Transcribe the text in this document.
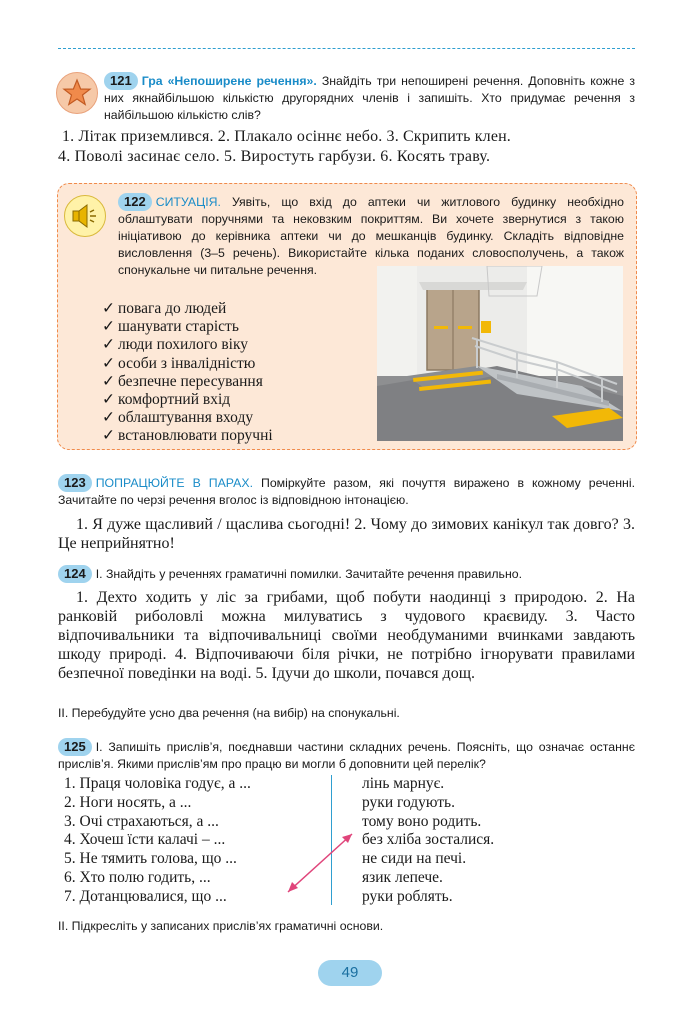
121 Гра «Непоширене речення». Знайдіть три непоширені речення. Доповніть кожне з них якнайбільшою кількістю другорядних членів і запишіть. Хто придумає речення з найбільшою кількістю слів?
1. Літак приземлився. 2. Плакало осіннє небо. 3. Скрипить клен.
4. Поволі засинає село. 5. Виростуть гарбузи. 6. Косять траву.
122 СИТУАЦІЯ. Уявіть, що вхід до аптеки чи житлового будинку необхідно облаштувати поручнями та нековзким покриттям. Ви хочете звернутися з такою ініціативою до керівника аптеки чи до мешканців будинку. Складіть відповідне висловлення (3–5 речень). Використайте кілька поданих словосполучень, а також спонукальне чи питальне речення.
✓ повага до людей
✓ шанувати старість
✓ люди похилого віку
✓ особи з інвалідністю
✓ безпечне пересування
✓ комфортний вхід
✓ облаштування входу
✓ встановлювати поручні
123 ПОПРАЦЮЙТЕ В ПАРАХ. Поміркуйте разом, які почуття виражено в кожному реченні. Зачитайте по черзі речення вголос із відповідною інтонацією.
1. Я дуже щасливий / щаслива сьогодні! 2. Чому до зимових канікул так довго? 3. Це неприйнятно!
124 І. Знайдіть у реченнях граматичні помилки. Зачитайте речення правильно.
1. Дехто ходить у ліс за грибами, щоб побути наодинці з природою. 2. На ранковій риболовлі можна милуватись з чудового краєвиду. 3. Часто відпочивальники та відпочивальниці своїми необдуманими вчинками завдають шкоду природі. 4. Відпочиваючи біля річки, не потрібно ігнорувати правилами безпечної поведінки на воді. 5. Ідучи до школи, почався дощ.
ІІ. Перебудуйте усно два речення (на вибір) на спонукальні.
125 І. Запишіть прислів’я, поєднавши частини складних речень. Поясніть, що означає останнє прислів’я. Якими прислів’ям про працю ви могли б доповнити цей перелік?
1. Праця чоловіка годує, а ...
2. Ноги носять, а ...
3. Очі страхаються, а ...
4. Хочеш їсти калачі – ...
5. Не тямить голова, що ...
6. Хто полю годить, ...
7. Дотанцювалися, що ...
лінь марнує.
руки годують.
тому воно родить.
без хліба зосталися.
не сиди на печі.
язик лепече.
руки роблять.
ІІ. Підкресліть у записаних прислів’ях граматичні основи.
49
